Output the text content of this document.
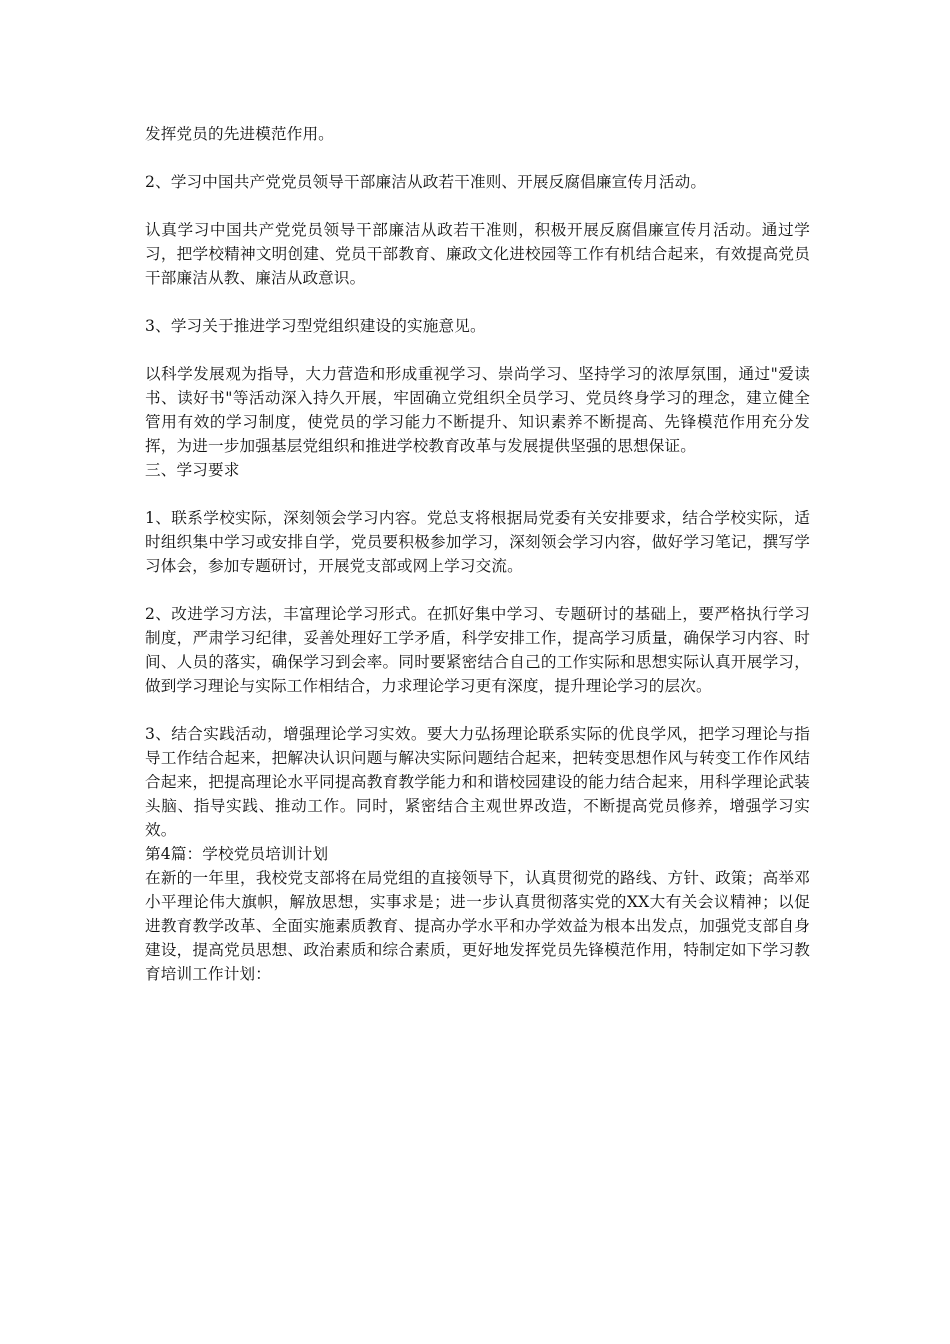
发挥党员的先进模范作用。

2、学习中国共产党党员领导干部廉洁从政若干准则、开展反腐倡廉宣传月活动。

认真学习中国共产党党员领导干部廉洁从政若干准则，积极开展反腐倡廉宣传月活动。通过学习，把学校精神文明创建、党员干部教育、廉政文化进校园等工作有机结合起来，有效提高党员干部廉洁从教、廉洁从政意识。

3、学习关于推进学习型党组织建设的实施意见。

以科学发展观为指导，大力营造和形成重视学习、崇尚学习、坚持学习的浓厚氛围，通过"爱读书、读好书"等活动深入持久开展，牢固确立党组织全员学习、党员终身学习的理念，建立健全管用有效的学习制度，使党员的学习能力不断提升、知识素养不断提高、先锋模范作用充分发挥，为进一步加强基层党组织和推进学校教育改革与发展提供坚强的思想保证。

三、学习要求

1、联系学校实际，深刻领会学习内容。党总支将根据局党委有关安排要求，结合学校实际，适时组织集中学习或安排自学，党员要积极参加学习，深刻领会学习内容，做好学习笔记，撰写学习体会，参加专题研讨，开展党支部或网上学习交流。

2、改进学习方法，丰富理论学习形式。在抓好集中学习、专题研讨的基础上，要严格执行学习制度，严肃学习纪律，妥善处理好工学矛盾，科学安排工作，提高学习质量，确保学习内容、时间、人员的落实，确保学习到会率。同时要紧密结合自己的工作实际和思想实际认真开展学习，做到学习理论与实际工作相结合，力求理论学习更有深度，提升理论学习的层次。

3、结合实践活动，增强理论学习实效。要大力弘扬理论联系实际的优良学风，把学习理论与指导工作结合起来，把解决认识问题与解决实际问题结合起来，把转变思想作风与转变工作作风结合起来，把提高理论水平同提高教育教学能力和和谐校园建设的能力结合起来，用科学理论武装头脑、指导实践、推动工作。同时，紧密结合主观世界改造，不断提高党员修养，增强学习实效。

第4篇：学校党员培训计划

在新的一年里，我校党支部将在局党组的直接领导下，认真贯彻党的路线、方针、政策；高举邓小平理论伟大旗帜，解放思想，实事求是；进一步认真贯彻落实党的XX大有关会议精神；以促进教育教学改革、全面实施素质教育、提高办学水平和办学效益为根本出发点，加强党支部自身建设，提高党员思想、政治素质和综合素质，更好地发挥党员先锋模范作用，特制定如下学习教育培训工作计划：
